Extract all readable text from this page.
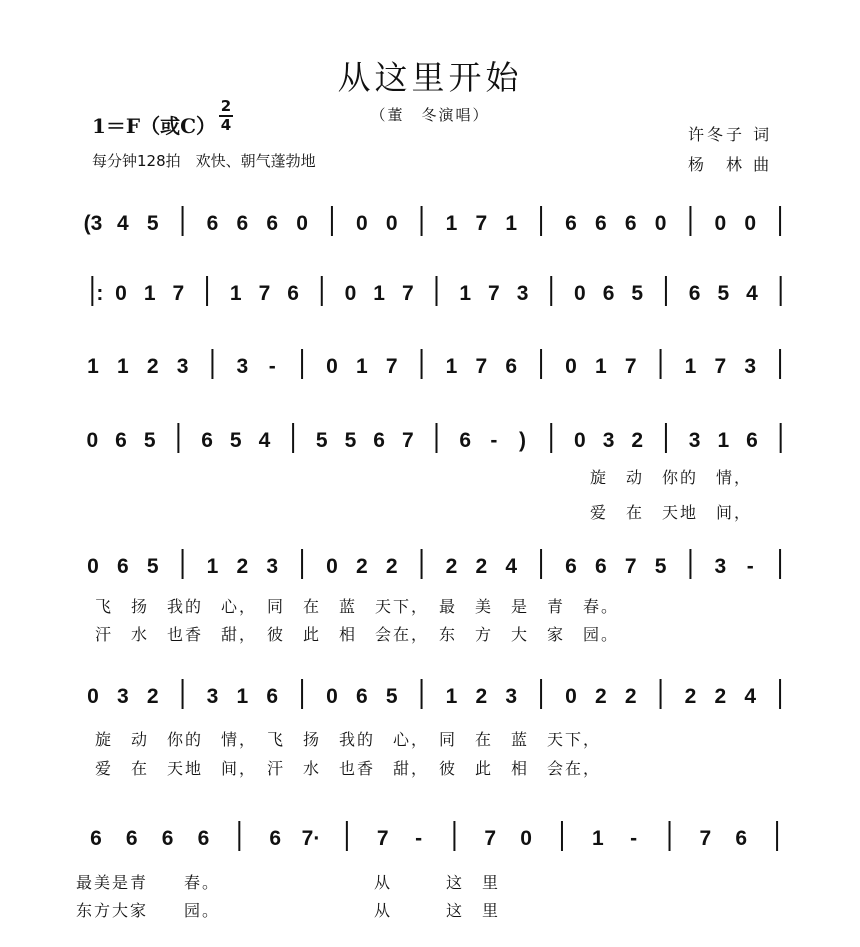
从这里开始
（董　冬演唱）
1＝F（或C）
2
4
每分钟128拍　欢快、朝气蓬勃地
许冬子 词
杨　林 曲
(3 4 5 6 6 6 0 0 0 1 7 1 6 6 6 0 0 0
: 0 1 7 1 7 6 0 1 7 1 7 3 0 6 5 6 5 4
1 1 2 3 3 - 0 1 7 1 7 6 0 1 7 1 7 3
0 6 5 6 5 4 5 5 6 7 6 - ) 0 3 2 3 1 6
0 6 5 1 2 3 0 2 2 2 2 4 6 6 7 5 3 -
0 3 2 3 1 6 0 6 5 1 2 3 0 2 2 2 2 4
6 6 6 6	6 7·	7 -	7 0	1 -	7 6
旋　动　你的　情，
爱　在　天地　间，
飞　扬　我的　心，　同　在　蓝　天下，　最　美　是　青　春。
汗　水　也香　甜，　彼　此　相　会在，　东　方　大　家　园。
旋　动　你的　情，　飞　扬　我的　心，　同　在　蓝　天下，
爱　在　天地　间，　汗　水　也香　甜，　彼　此　相　会在，
最美是青　　春。　　　　　　　　　从　　　这　里
东方大家　　园。　　　　　　　　　从　　　这　里
